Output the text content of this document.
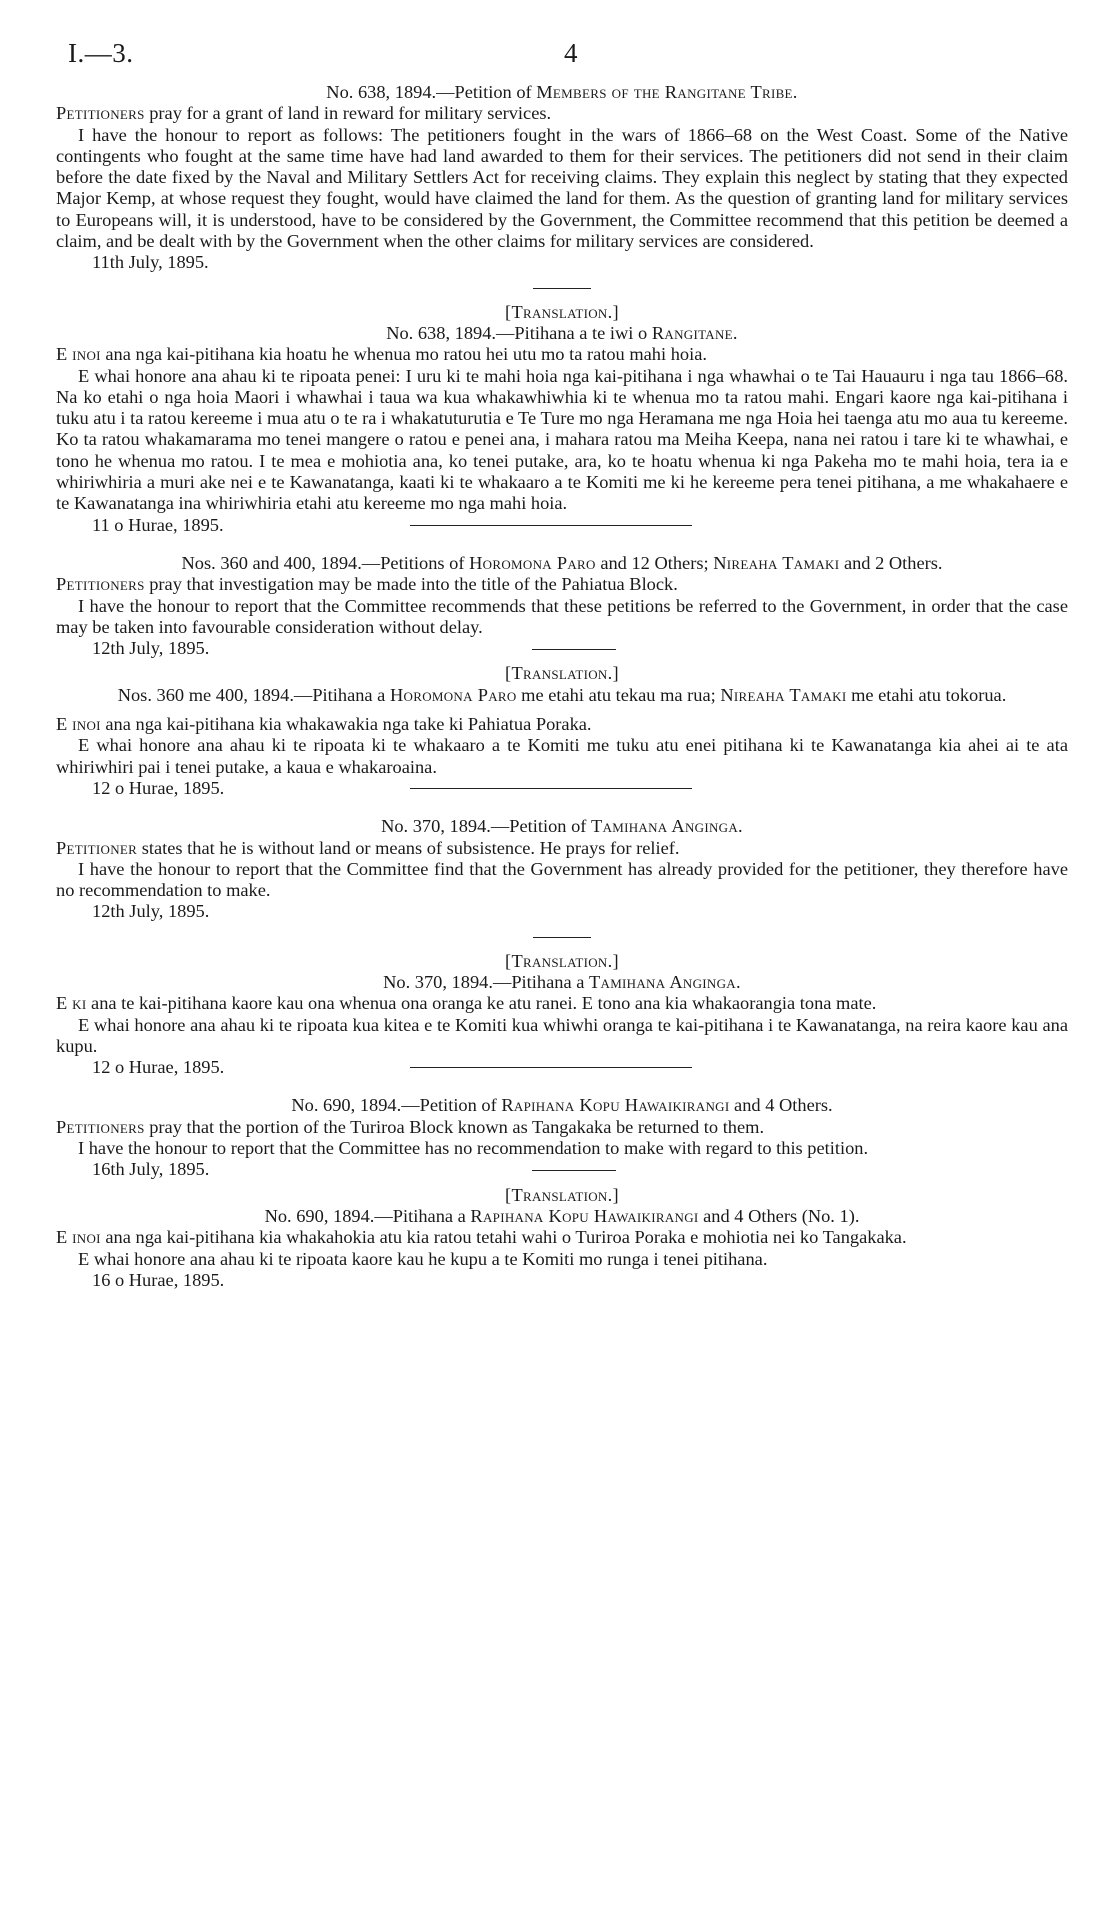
I.—3.	4
No. 638, 1894.—Petition of Members of the Rangitane Tribe.
Petitioners pray for a grant of land in reward for military services.
I have the honour to report as follows: The petitioners fought in the wars of 1866–68 on the West Coast. Some of the Native contingents who fought at the same time have had land awarded to them for their services. The petitioners did not send in their claim before the date fixed by the Naval and Military Settlers Act for receiving claims. They explain this neglect by stating that they expected Major Kemp, at whose request they fought, would have claimed the land for them. As the question of granting land for military services to Europeans will, it is understood, have to be considered by the Government, the Committee recommend that this petition be deemed a claim, and be dealt with by the Government when the other claims for military services are considered.
11th July, 1895.
[Translation.]
No. 638, 1894.—Pitihana a te iwi o Rangitane.
E inoi ana nga kai-pitihana kia hoatu he whenua mo ratou hei utu mo ta ratou mahi hoia.
E whai honore ana ahau ki te ripoata penei: I uru ki te mahi hoia nga kai-pitihana i nga whawhai o te Tai Hauauru i nga tau 1866–68. Na ko etahi o nga hoia Maori i whawhai i taua wa kua whakawhiwhia ki te whenua mo ta ratou mahi. Engari kaore nga kai-pitihana i tuku atu i ta ratou kereeme i mua atu o te ra i whakatuturutia e Te Ture mo nga Heramana me nga Hoia hei taenga atu mo aua tu kereeme. Ko ta ratou whakamarama mo tenei mangere o ratou e penei ana, i mahara ratou ma Meiha Keepa, nana nei ratou i tare ki te whawhai, e tono he whenua mo ratou. I te mea e mohiotia ana, ko tenei putake, ara, ko te hoatu whenua ki nga Pakeha mo te mahi hoia, tera ia e whiriwhiria a muri ake nei e te Kawanatanga, kaati ki te whakaaro a te Komiti me ki he kereeme pera tenei pitihana, a me whakahaere e te Kawanatanga ina whiriwhiria etahi atu kereeme mo nga mahi hoia.
11 o Hurae, 1895.
Nos. 360 and 400, 1894.—Petitions of Horomona Paro and 12 Others; Nireaha Tamaki and 2 Others.
Petitioners pray that investigation may be made into the title of the Pahiatua Block.
I have the honour to report that the Committee recommends that these petitions be referred to the Government, in order that the case may be taken into favourable consideration without delay.
12th July, 1895.
[Translation.]
Nos. 360 me 400, 1894.—Pitihana a Horomona Paro me etahi atu tekau ma rua; Nireaha Tamaki me etahi atu tokorua.
E inoi ana nga kai-pitihana kia whakawakia nga take ki Pahiatua Poraka.
E whai honore ana ahau ki te ripoata ki te whakaaro a te Komiti me tuku atu enei pitihana ki te Kawanatanga kia ahei ai te ata whiriwhiri pai i tenei putake, a kaua e whakaroaina.
12 o Hurae, 1895.
No. 370, 1894.—Petition of Tamihana Anginga.
Petitioner states that he is without land or means of subsistence. He prays for relief.
I have the honour to report that the Committee find that the Government has already provided for the petitioner, they therefore have no recommendation to make.
12th July, 1895.
[Translation.]
No. 370, 1894.—Pitihana a Tamihana Anginga.
E ki ana te kai-pitihana kaore kau ona whenua ona oranga ke atu ranei. E tono ana kia whakaorangia tona mate.
E whai honore ana ahau ki te ripoata kua kitea e te Komiti kua whiwhi oranga te kai-pitihana i te Kawanatanga, na reira kaore kau ana kupu.
12 o Hurae, 1895.
No. 690, 1894.—Petition of Rapihana Kopu Hawaikirangi and 4 Others.
Petitioners pray that the portion of the Turiroa Block known as Tangakaka be returned to them.
I have the honour to report that the Committee has no recommendation to make with regard to this petition.
16th July, 1895.
[Translation.]
No. 690, 1894.—Pitihana a Rapihana Kopu Hawaikirangi and 4 Others (No. 1).
E inoi ana nga kai-pitihana kia whakahokia atu kia ratou tetahi wahi o Turiroa Poraka e mohiotia nei ko Tangakaka.
E whai honore ana ahau ki te ripoata kaore kau he kupu a te Komiti mo runga i tenei pitihana.
16 o Hurae, 1895.
